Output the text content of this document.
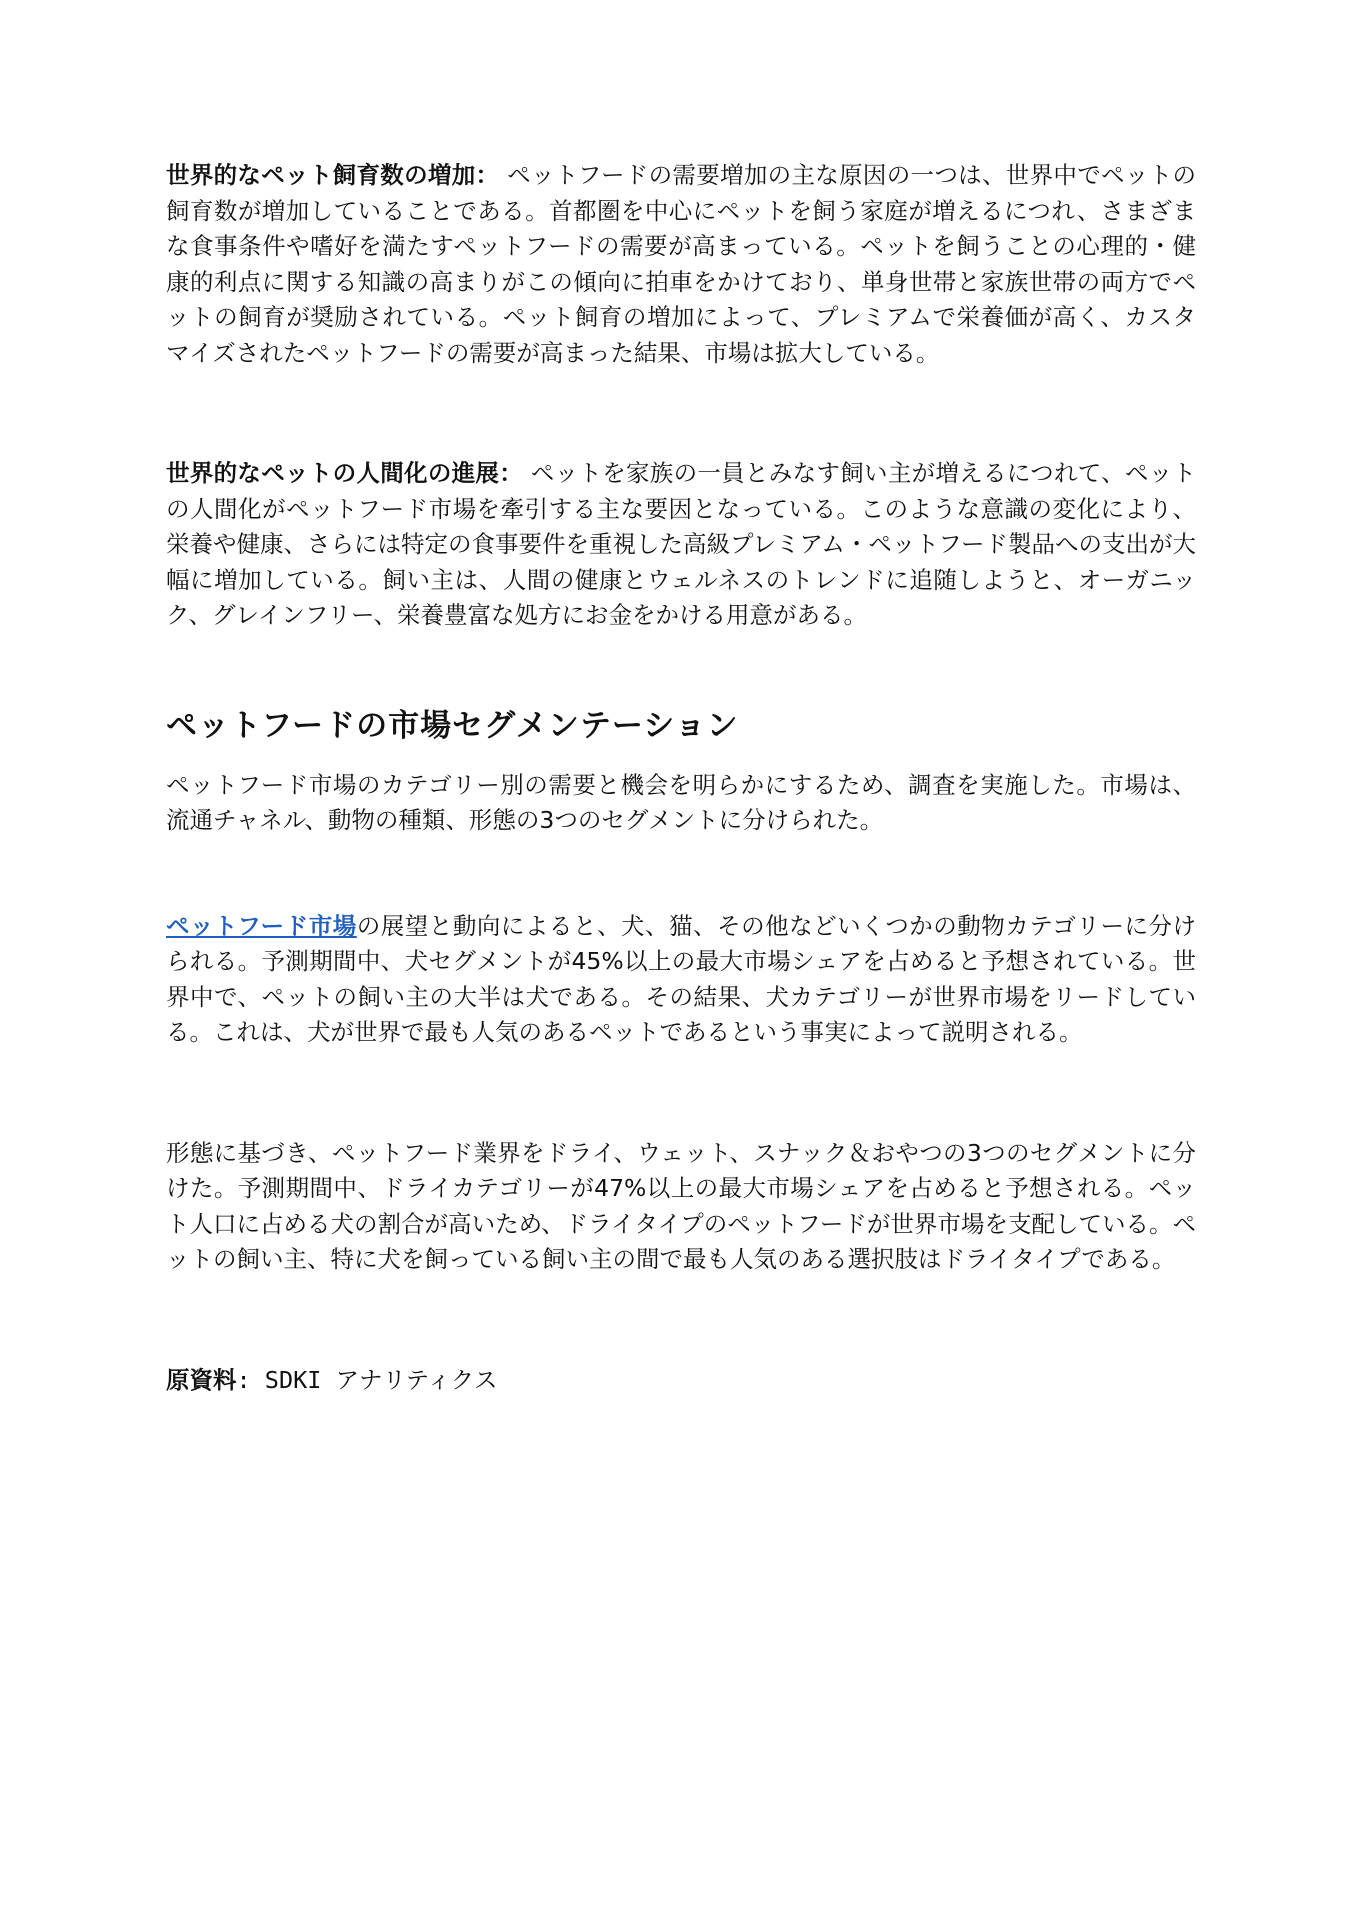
世界的なペット飼育数の増加： ペットフードの需要増加の主な原因の一つは、世界中でペットの飼育数が増加していることである。首都圏を中心にペットを飼う家庭が増えるにつれ、さまざまな食事条件や嗜好を満たすペットフードの需要が高まっている。ペットを飼うことの心理的・健康的利点に関する知識の高まりがこの傾向に拍車をかけており、単身世帯と家族世帯の両方でペットの飼育が奨励されている。ペット飼育の増加によって、プレミアムで栄養価が高く、カスタマイズされたペットフードの需要が高まった結果、市場は拡大している。

世界的なペットの人間化の進展： ペットを家族の一員とみなす飼い主が増えるにつれて、ペットの人間化がペットフード市場を牽引する主な要因となっている。このような意識の変化により、栄養や健康、さらには特定の食事要件を重視した高級プレミアム・ペットフード製品への支出が大幅に増加している。飼い主は、人間の健康とウェルネスのトレンドに追随しようと、オーガニック、グレインフリー、栄養豊富な処方にお金をかける用意がある。

ペットフードの市場セグメンテーション

ペットフード市場のカテゴリー別の需要と機会を明らかにするため、調査を実施した。市場は、流通チャネル、動物の種類、形態の3つのセグメントに分けられた。

ペットフード市場の展望と動向によると、犬、猫、その他などいくつかの動物カテゴリーに分けられる。予測期間中、犬セグメントが45%以上の最大市場シェアを占めると予想されている。世界中で、ペットの飼い主の大半は犬である。その結果、犬カテゴリーが世界市場をリードしている。これは、犬が世界で最も人気のあるペットであるという事実によって説明される。

形態に基づき、ペットフード業界をドライ、ウェット、スナック＆おやつの3つのセグメントに分けた。予測期間中、ドライカテゴリーが47%以上の最大市場シェアを占めると予想される。ペット人口に占める犬の割合が高いため、ドライタイプのペットフードが世界市場を支配している。ペットの飼い主、特に犬を飼っている飼い主の間で最も人気のある選択肢はドライタイプである。

原資料: SDKI アナリティクス
